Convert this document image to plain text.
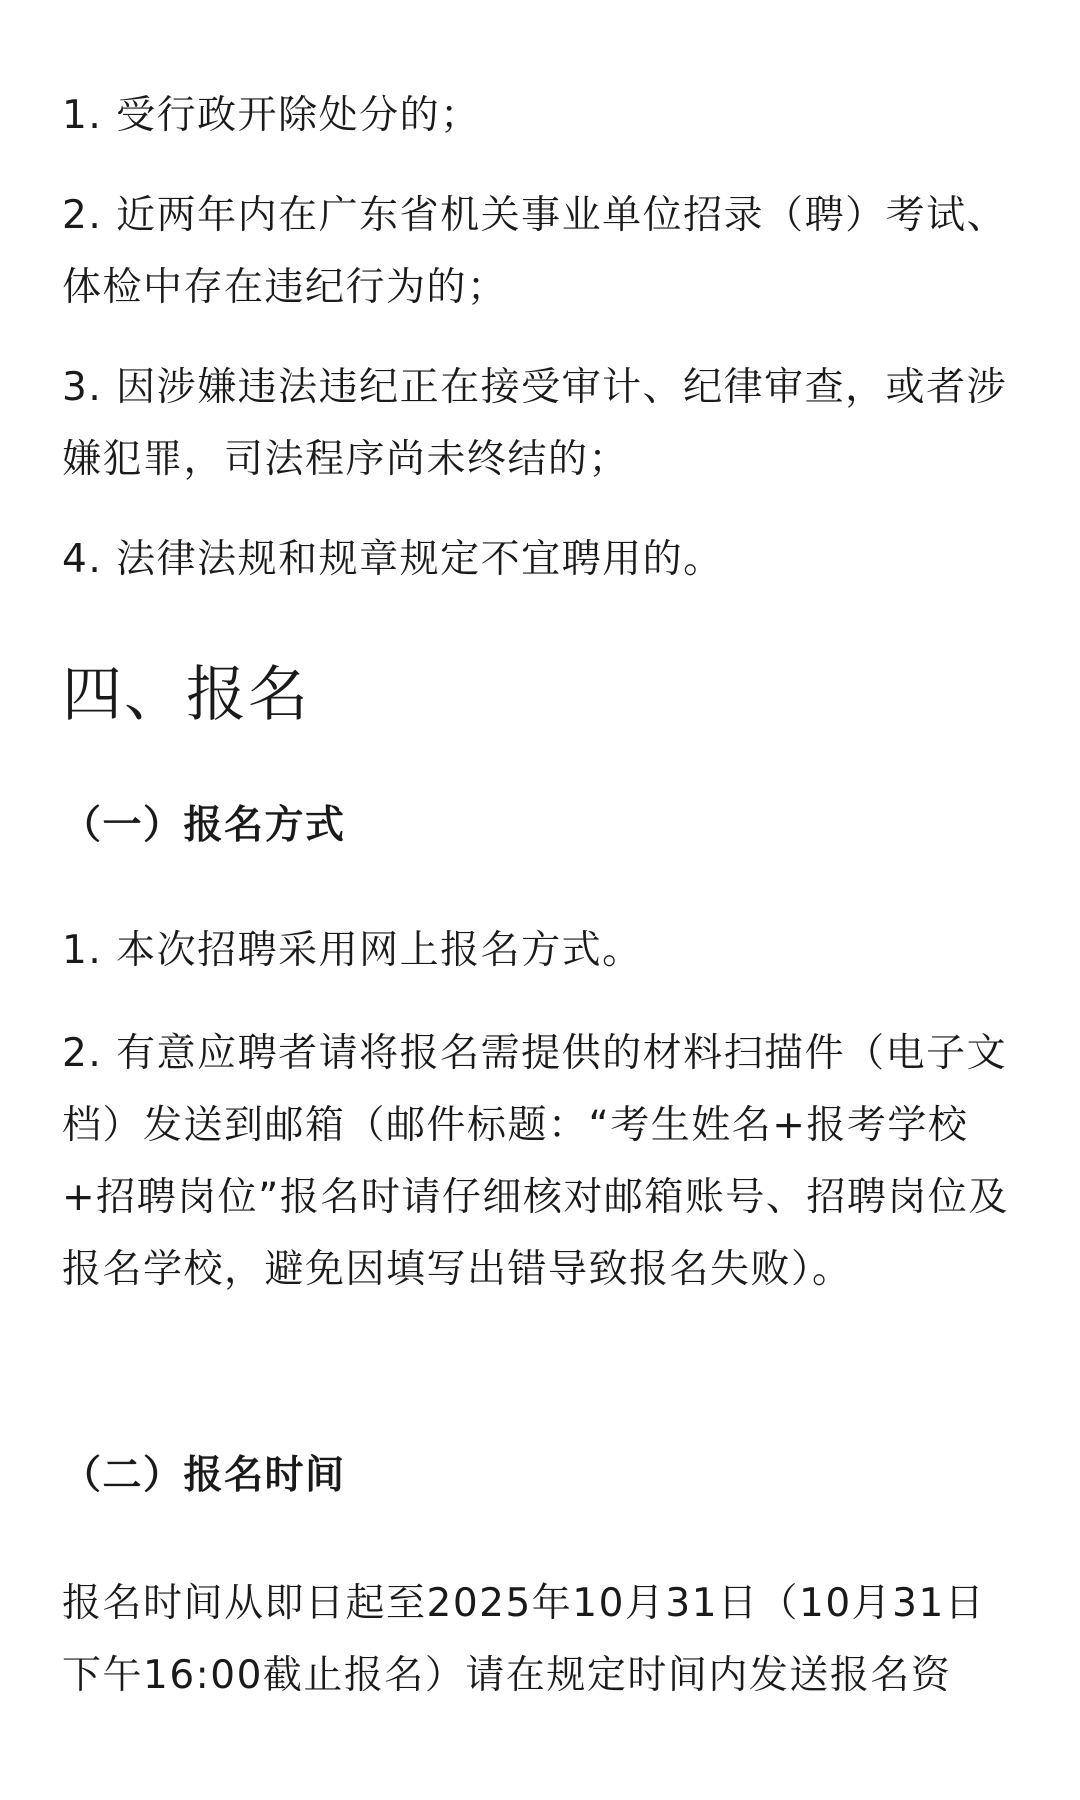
1. 受行政开除处分的；

2. 近两年内在广东省机关事业单位招录（聘）考试、体检中存在违纪行为的；

3. 因涉嫌违法违纪正在接受审计、纪律审查，或者涉嫌犯罪，司法程序尚未终结的；

4. 法律法规和规章规定不宜聘用的。

四、报名
（一）报名方式

1. 本次招聘采用网上报名方式。

2. 有意应聘者请将报名需提供的材料扫描件（电子文档）发送到邮箱（邮件标题：“考生姓名+报考学校+招聘岗位”报名时请仔细核对邮箱账号、招聘岗位及报名学校，避免因填写出错导致报名失败）。

（二）报名时间

报名时间从即日起至2025年10月31日（10月31日下午16:00截止报名）请在规定时间内发送报名资
